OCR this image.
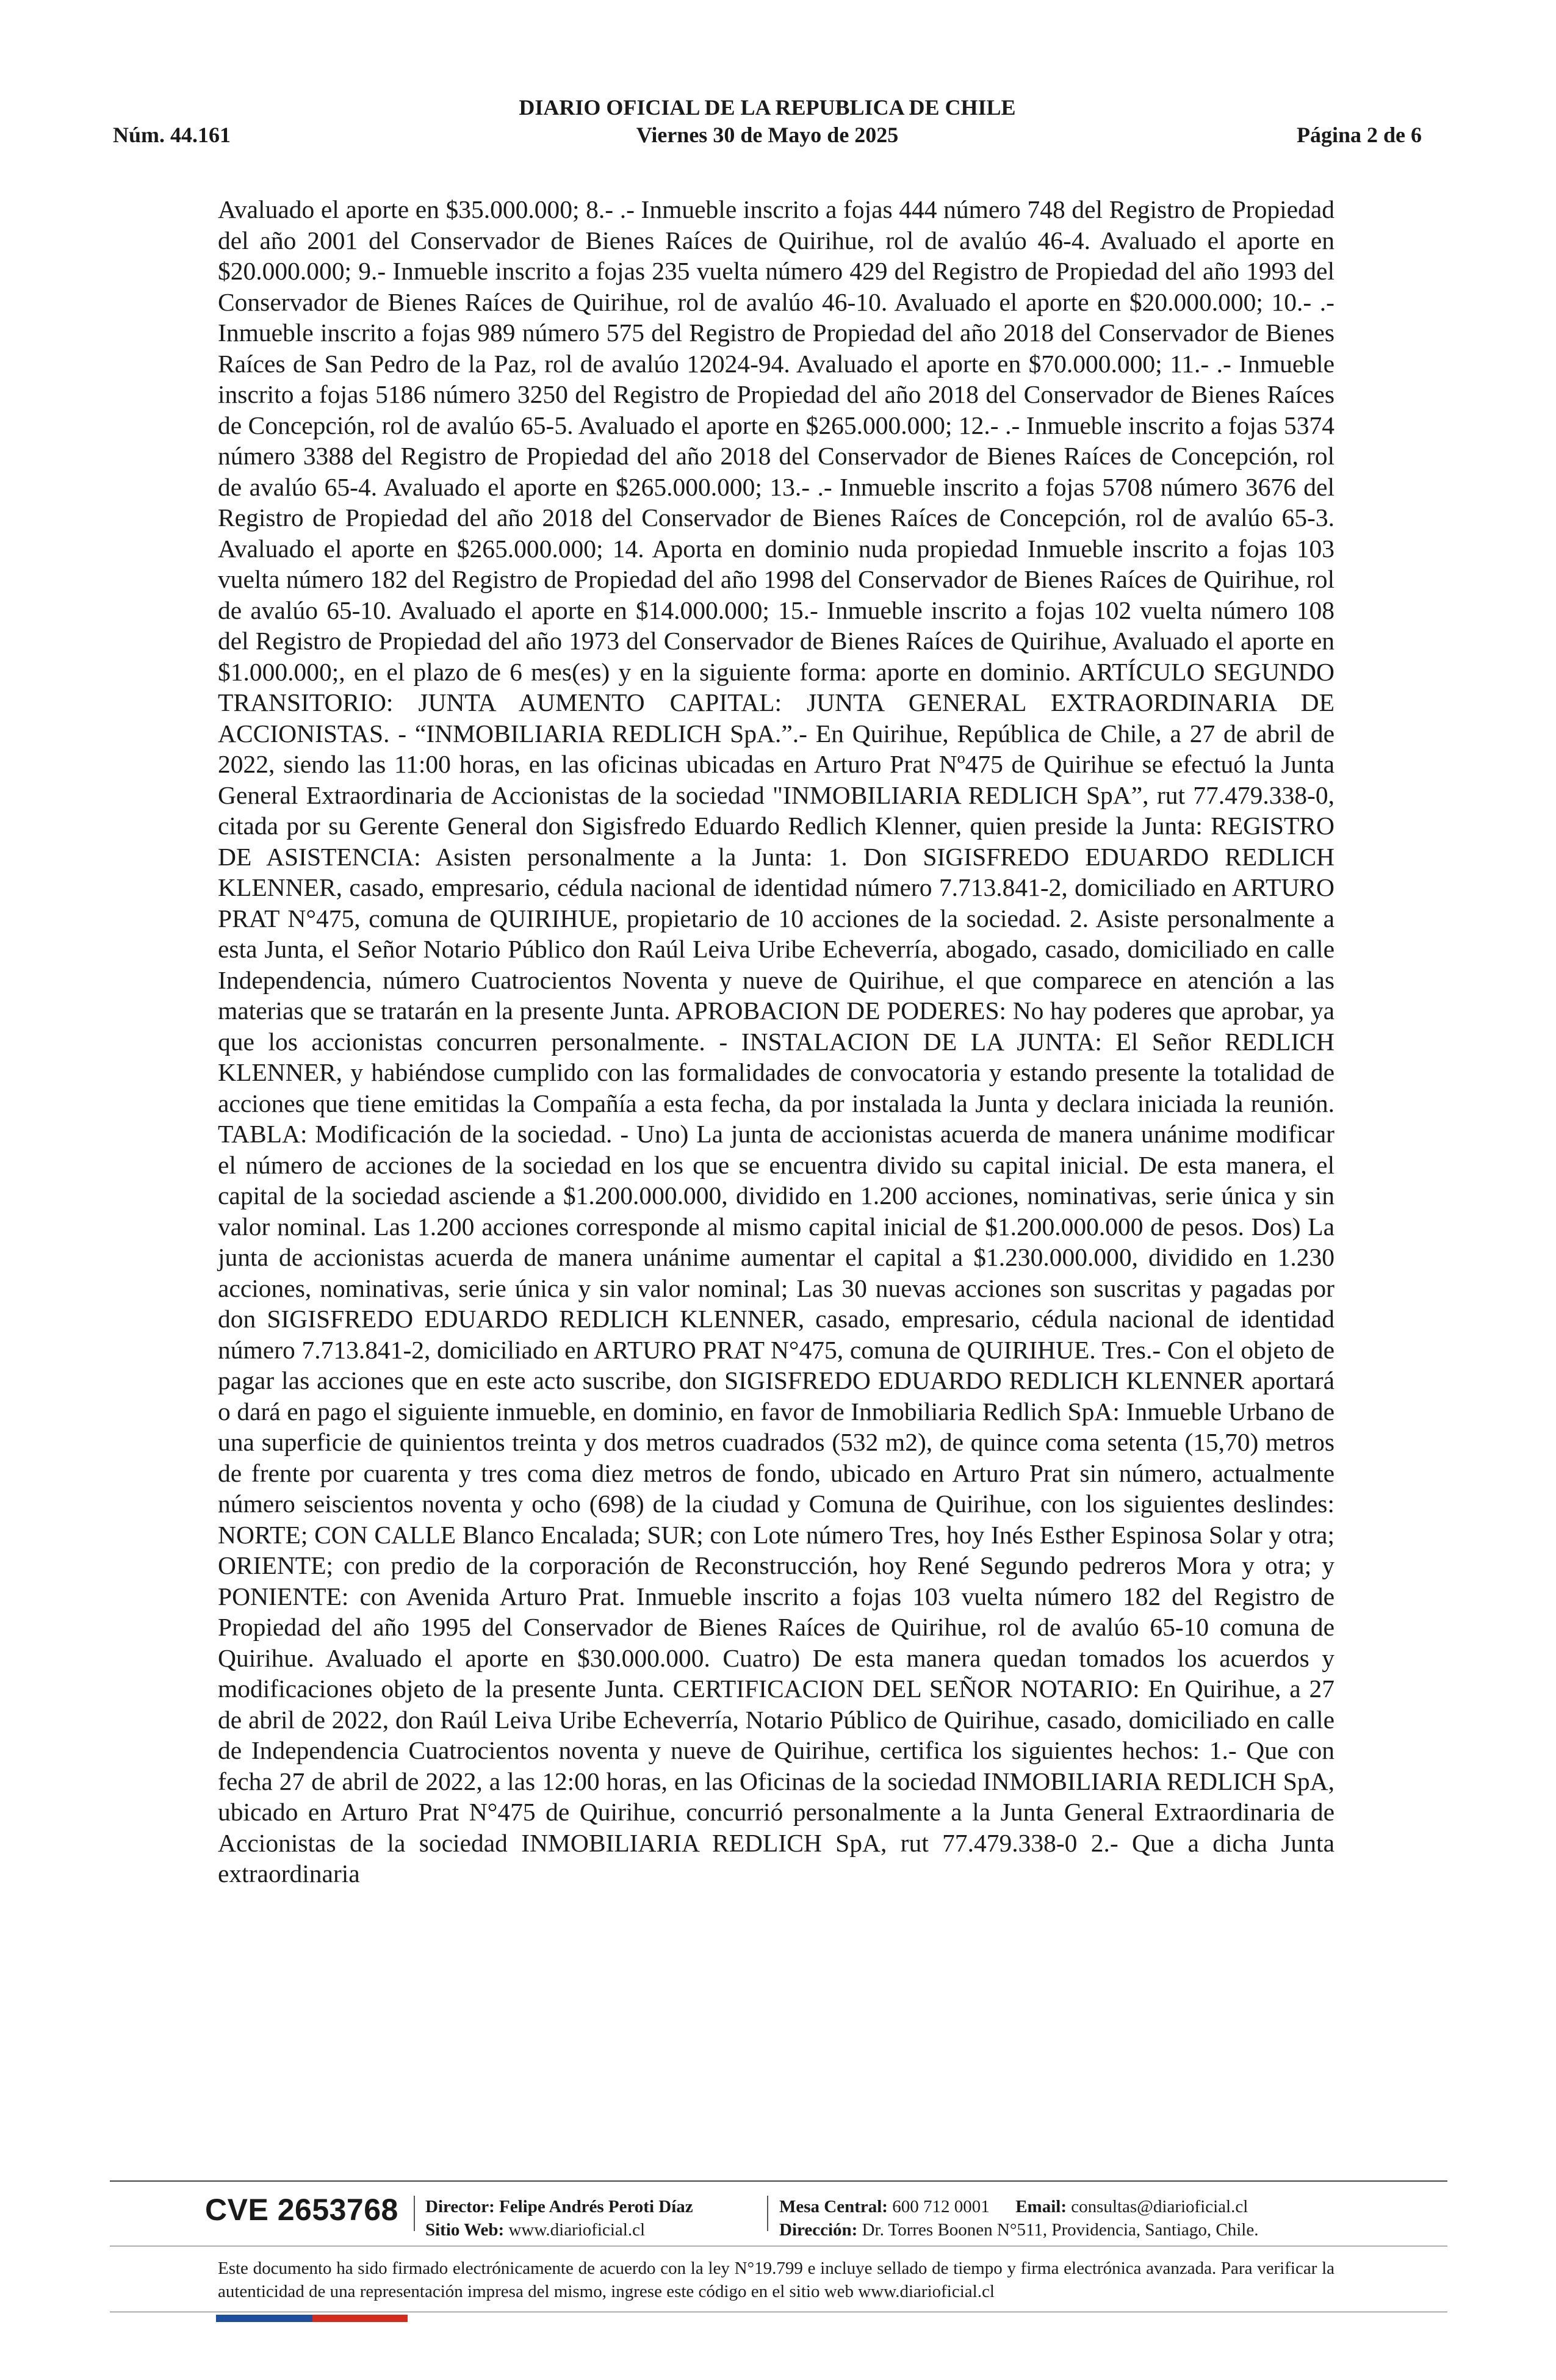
DIARIO OFICIAL DE LA REPUBLICA DE CHILE
Núm. 44.161	Viernes 30 de Mayo de 2025	Página 2 de 6

Avaluado el aporte en $35.000.000; 8.- .- Inmueble inscrito a fojas 444 número 748 del Registro de Propiedad del año 2001 del Conservador de Bienes Raíces de Quirihue, rol de avalúo 46-4. Avaluado el aporte en $20.000.000; 9.- Inmueble inscrito a fojas 235 vuelta número 429 del Registro de Propiedad del año 1993 del Conservador de Bienes Raíces de Quirihue, rol de avalúo 46-10. Avaluado el aporte en $20.000.000; 10.- .- Inmueble inscrito a fojas 989 número 575 del Registro de Propiedad del año 2018 del Conservador de Bienes Raíces de San Pedro de la Paz, rol de avalúo 12024-94. Avaluado el aporte en $70.000.000; 11.- .- Inmueble inscrito a fojas 5186 número 3250 del Registro de Propiedad del año 2018 del Conservador de Bienes Raíces de Concepción, rol de avalúo 65-5. Avaluado el aporte en $265.000.000; 12.- .- Inmueble inscrito a fojas 5374 número 3388 del Registro de Propiedad del año 2018 del Conservador de Bienes Raíces de Concepción, rol de avalúo 65-4. Avaluado el aporte en $265.000.000; 13.- .- Inmueble inscrito a fojas 5708 número 3676 del Registro de Propiedad del año 2018 del Conservador de Bienes Raíces de Concepción, rol de avalúo 65-3. Avaluado el aporte en $265.000.000; 14. Aporta en dominio nuda propiedad Inmueble inscrito a fojas 103 vuelta número 182 del Registro de Propiedad del año 1998 del Conservador de Bienes Raíces de Quirihue, rol de avalúo 65-10. Avaluado el aporte en $14.000.000; 15.- Inmueble inscrito a fojas 102 vuelta número 108 del Registro de Propiedad del año 1973 del Conservador de Bienes Raíces de Quirihue, Avaluado el aporte en $1.000.000;, en el plazo de 6 mes(es) y en la siguiente forma: aporte en dominio. ARTÍCULO SEGUNDO TRANSITORIO: JUNTA AUMENTO CAPITAL: JUNTA GENERAL EXTRAORDINARIA DE ACCIONISTAS. - “INMOBILIARIA REDLICH SpA.”.- En Quirihue, República de Chile, a 27 de abril de 2022, siendo las 11:00 horas, en las oficinas ubicadas en Arturo Prat Nº475 de Quirihue se efectuó la Junta General Extraordinaria de Accionistas de la sociedad "INMOBILIARIA REDLICH SpA”, rut 77.479.338-0, citada por su Gerente General don Sigisfredo Eduardo Redlich Klenner, quien preside la Junta: REGISTRO DE ASISTENCIA: Asisten personalmente a la Junta: 1. Don SIGISFREDO EDUARDO REDLICH KLENNER, casado, empresario, cédula nacional de identidad número 7.713.841-2, domiciliado en ARTURO PRAT N°475, comuna de QUIRIHUE, propietario de 10 acciones de la sociedad. 2. Asiste personalmente a esta Junta, el Señor Notario Público don Raúl Leiva Uribe Echeverría, abogado, casado, domiciliado en calle Independencia, número Cuatrocientos Noventa y nueve de Quirihue, el que comparece en atención a las materias que se tratarán en la presente Junta. APROBACION DE PODERES: No hay poderes que aprobar, ya que los accionistas concurren personalmente. - INSTALACION DE LA JUNTA: El Señor REDLICH KLENNER, y habiéndose cumplido con las formalidades de convocatoria y estando presente la totalidad de acciones que tiene emitidas la Compañía a esta fecha, da por instalada la Junta y declara iniciada la reunión. TABLA: Modificación de la sociedad. - Uno) La junta de accionistas acuerda de manera unánime modificar el número de acciones de la sociedad en los que se encuentra divido su capital inicial. De esta manera, el capital de la sociedad asciende a $1.200.000.000, dividido en 1.200 acciones, nominativas, serie única y sin valor nominal. Las 1.200 acciones corresponde al mismo capital inicial de $1.200.000.000 de pesos. Dos) La junta de accionistas acuerda de manera unánime aumentar el capital a $1.230.000.000, dividido en 1.230 acciones, nominativas, serie única y sin valor nominal; Las 30 nuevas acciones son suscritas y pagadas por don SIGISFREDO EDUARDO REDLICH KLENNER, casado, empresario, cédula nacional de identidad número 7.713.841-2, domiciliado en ARTURO PRAT N°475, comuna de QUIRIHUE. Tres.- Con el objeto de pagar las acciones que en este acto suscribe, don SIGISFREDO EDUARDO REDLICH KLENNER aportará o dará en pago el siguiente inmueble, en dominio, en favor de Inmobiliaria Redlich SpA: Inmueble Urbano de una superficie de quinientos treinta y dos metros cuadrados (532 m2), de quince coma setenta (15,70) metros de frente por cuarenta y tres coma diez metros de fondo, ubicado en Arturo Prat sin número, actualmente número seiscientos noventa y ocho (698) de la ciudad y Comuna de Quirihue, con los siguientes deslindes: NORTE; CON CALLE Blanco Encalada; SUR; con Lote número Tres, hoy Inés Esther Espinosa Solar y otra; ORIENTE; con predio de la corporación de Reconstrucción, hoy René Segundo pedreros Mora y otra; y PONIENTE: con Avenida Arturo Prat. Inmueble inscrito a fojas 103 vuelta número 182 del Registro de Propiedad del año 1995 del Conservador de Bienes Raíces de Quirihue, rol de avalúo 65-10 comuna de Quirihue. Avaluado el aporte en $30.000.000. Cuatro) De esta manera quedan tomados los acuerdos y modificaciones objeto de la presente Junta. CERTIFICACION DEL SEÑOR NOTARIO: En Quirihue, a 27 de abril de 2022, don Raúl Leiva Uribe Echeverría, Notario Público de Quirihue, casado, domiciliado en calle de Independencia Cuatrocientos noventa y nueve de Quirihue, certifica los siguientes hechos: 1.- Que con fecha 27 de abril de 2022, a las 12:00 horas, en las Oficinas de la sociedad INMOBILIARIA REDLICH SpA, ubicado en Arturo Prat N°475 de Quirihue, concurrió personalmente a la Junta General Extraordinaria de Accionistas de la sociedad INMOBILIARIA REDLICH SpA, rut 77.479.338-0 2.- Que a dicha Junta extraordinaria

CVE 2653768 Director: Felipe Andrés Peroti Díaz
Sitio Web: www.diarioficial.cl
Mesa Central: 600 712 0001 Email: consultas@diarioficial.cl
Dirección: Dr. Torres Boonen N°511, Providencia, Santiago, Chile.
Este documento ha sido firmado electrónicamente de acuerdo con la ley N°19.799 e incluye sellado de tiempo y firma electrónica avanzada. Para verificar la autenticidad de una representación impresa del mismo, ingrese este código en el sitio web www.diarioficial.cl
